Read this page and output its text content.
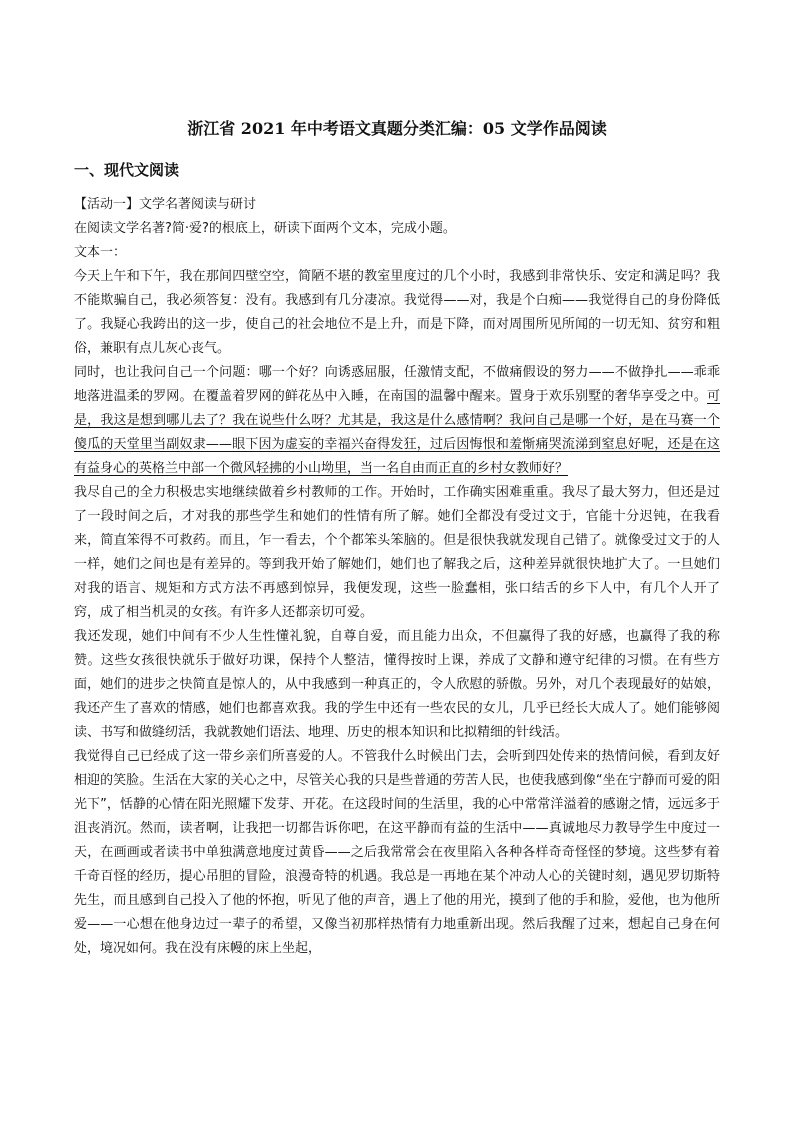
浙江省 2021 年中考语文真题分类汇编：05 文学作品阅读
一、现代文阅读

【活动一】文学名著阅读与研讨

在阅读文学名著?简·爱?的根底上，研读下面两个文本，完成小题。

文本一：

今天上午和下午，我在那间四壁空空，简陋不堪的教室里度过的几个小时，我感到非常快乐、安定和满足吗？我不能欺骗自己，我必须答复：没有。我感到有几分凄凉。我觉得——对，我是个白痴——我觉得自己的身份降低了。我疑心我跨出的这一步，使自己的社会地位不是上升，而是下降，而对周围所见所闻的一切无知、贫穷和粗俗，兼职有点儿灰心丧气。

同时，也让我问自己一个问题：哪一个好？向诱惑屈服，任激情支配，不做痛假设的努力——不做挣扎——乖乖地落进温柔的罗网。在覆盖着罗网的鲜花丛中入睡，在南国的温馨中醒来。置身于欢乐别墅的奢华享受之中。可是，我这是想到哪儿去了？我在说些什么呀？尤其是，我这是什么感情啊？我问自己是哪一个好，是在马赛一个傻瓜的天堂里当副奴隶——眼下因为虚妄的幸福兴奋得发狂，过后因悔恨和羞惭痛哭流涕到窒息好呢，还是在这有益身心的英格兰中部一个微风轻拂的小山坳里，当一名自由而正直的乡村女教师好？

我尽自己的全力积极忠实地继续做着乡村教师的工作。开始时，工作确实困难重重。我尽了最大努力，但还是过了一段时间之后，才对我的那些学生和她们的性情有所了解。她们全都没有受过文于，官能十分迟钝，在我看来，简直笨得不可救药。而且，乍一看去，个个都笨头笨脑的。但是很快我就发现自己错了。就像受过文于的人一样，她们之间也是有差异的。等到我开始了解她们，她们也了解我之后，这种差异就很快地扩大了。一旦她们对我的语言、规矩和方式方法不再感到惊异，我便发现，这些一脸蠢相，张口结舌的乡下人中，有几个人开了窍，成了相当机灵的女孩。有许多人还都亲切可爱。

我还发现，她们中间有不少人生性懂礼貌，自尊自爱，而且能力出众，不但赢得了我的好感，也赢得了我的称赞。这些女孩很快就乐于做好功课，保持个人整洁，懂得按时上课，养成了文静和遵守纪律的习惯。在有些方面，她们的进步之快简直是惊人的，从中我感到一种真正的，令人欣慰的骄傲。另外，对几个表现最好的姑娘，我还产生了喜欢的情感，她们也都喜欢我。我的学生中还有一些农民的女儿，几乎已经长大成人了。她们能够阅读、书写和做缝纫活，我就教她们语法、地理、历史的根本知识和比拟精细的针线活。

我觉得自己已经成了这一带乡亲们所喜爱的人。不管我什么时候出门去，会听到四处传来的热情问候，看到友好相迎的笑脸。生活在大家的关心之中，尽管关心我的只是些普通的劳苦人民，也使我感到像“坐在宁静而可爱的阳光下”，恬静的心情在阳光照耀下发芽、开花。在这段时间的生活里，我的心中常常洋溢着的感谢之情，远远多于沮丧消沉。然而，读者啊，让我把一切都告诉你吧，在这平静而有益的生活中——真诚地尽力教导学生中度过一天，在画画或者读书中单独满意地度过黄昏——之后我常常会在夜里陷入各种各样奇奇怪怪的梦境。这些梦有着千奇百怪的经历，提心吊胆的冒险，浪漫奇特的机遇。我总是一再地在某个冲动人心的关键时刻，遇见罗切斯特先生，而且感到自己投入了他的怀抱，听见了他的声音，遇上了他的用光，摸到了他的手和脸，爱他，也为他所爱——一心想在他身边过一辈子的希望，又像当初那样热情有力地重新出现。然后我醒了过来，想起自己身在何处，境况如何。我在没有床幔的床上坐起，
